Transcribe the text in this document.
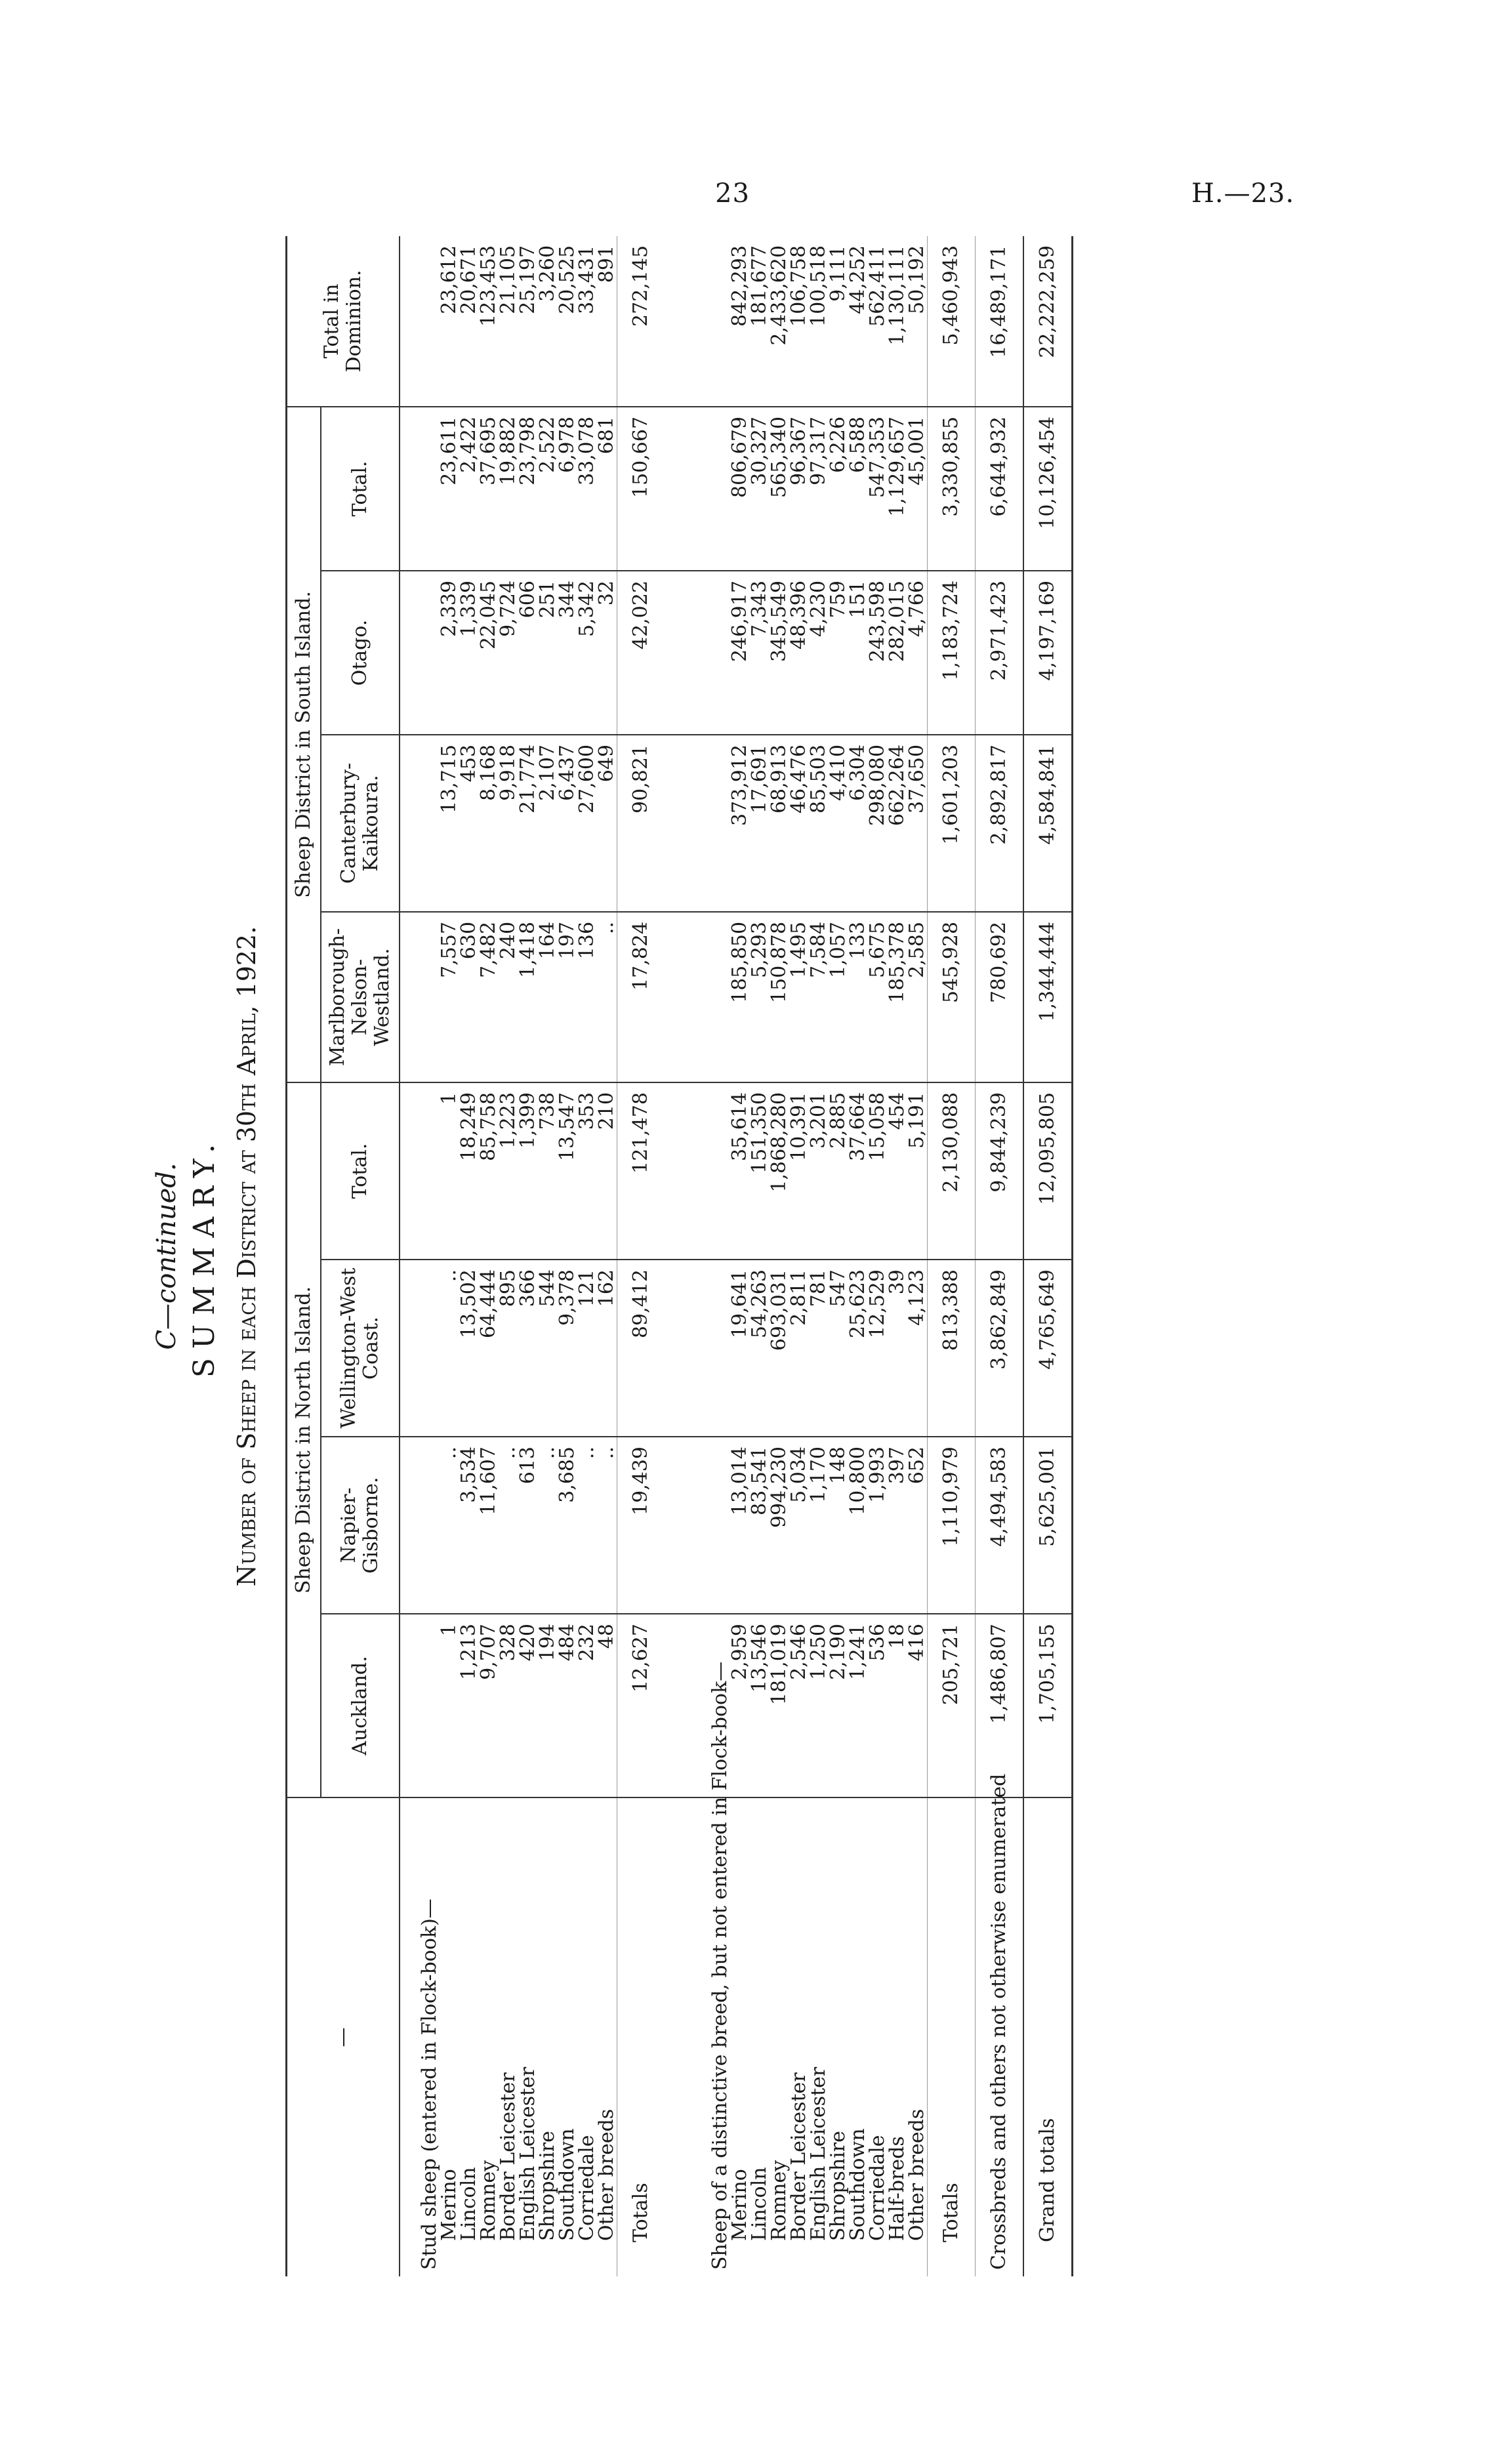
23	H.—23.
C—continued. SUMMARY. Number of Sheep in each District at 30th April, 1922.
—	Sheep District in North Island.				Sheep District in South Island.				Total in Dominion.
	Auckland.	Napier-Gisborne.	Wellington-West Coast.	Total.	Marlborough-Nelson-Westland.	Canterbury-Kaikoura.	Otago.	Total.	
Stud sheep (entered in Flock-book)—									
Merino	1	..	..	1	7,557	13,715	2,339	23,611	23,612
Lincoln	1,213	3,534	13,502	18,249	630	453	1,339	2,422	20,671
Romney	9,707	11,607	64,444	85,758	7,482	8,168	22,045	37,695	123,453
Border Leicester	328	..	895	1,223	240	9,918	9,724	19,882	21,105
English Leicester	420	613	366	1,399	1,418	21,774	606	23,798	25,197
Shropshire	194	..	544	738	164	2,107	251	2,522	3,260
Southdown	484	3,685	9,378	13,547	197	6,437	344	6,978	20,525
Corriedale	232	..	121	353	136	27,600	5,342	33,078	33,431
Other breeds	48	..	162	210	..	649	32	681	891
Totals	12,627	19,439	89,412	121,478	17,824	90,821	42,022	150,667	272,145

Sheep of a distinctive breed, but not entered in Flock-book—									
Merino	2,959	13,014	19,641	35,614	185,850	373,912	246,917	806,679	842,293
Lincoln	13,546	83,541	54,263	151,350	5,293	17,691	7,343	30,327	181,677
Romney	181,019	994,230	693,031	1,868,280	150,878	68,913	345,549	565,340	2,433,620
Border Leicester	2,546	5,034	2,811	10,391	1,495	46,476	48,396	96,367	106,758
English Leicester	1,250	1,170	781	3,201	7,584	85,503	4,230	97,317	100,518
Shropshire	2,190	148	547	2,885	1,057	4,410	759	6,226	9,111
Southdown	1,241	10,800	25,623	37,664	133	6,304	151	6,588	44,252
Corriedale	536	1,993	12,529	15,058	5,675	298,080	243,598	547,353	562,411
Half-breds	18	397	39	454	185,378	662,264	282,015	1,129,657	1,130,111
Other breeds	416	652	4,123	5,191	2,585	37,650	4,766	45,001	50,192
Totals	205,721	1,110,979	813,388	2,130,088	545,928	1,601,203	1,183,724	3,330,855	5,460,943
Crossbreds and others not otherwise enumerated	1,486,807	4,494,583	3,862,849	9,844,239	780,692	2,892,817	2,971,423	6,644,932	16,489,171
Grand totals	1,705,155	5,625,001	4,765,649	12,095,805	1,344,444	4,584,841	4,197,169	10,126,454	22,222,259
